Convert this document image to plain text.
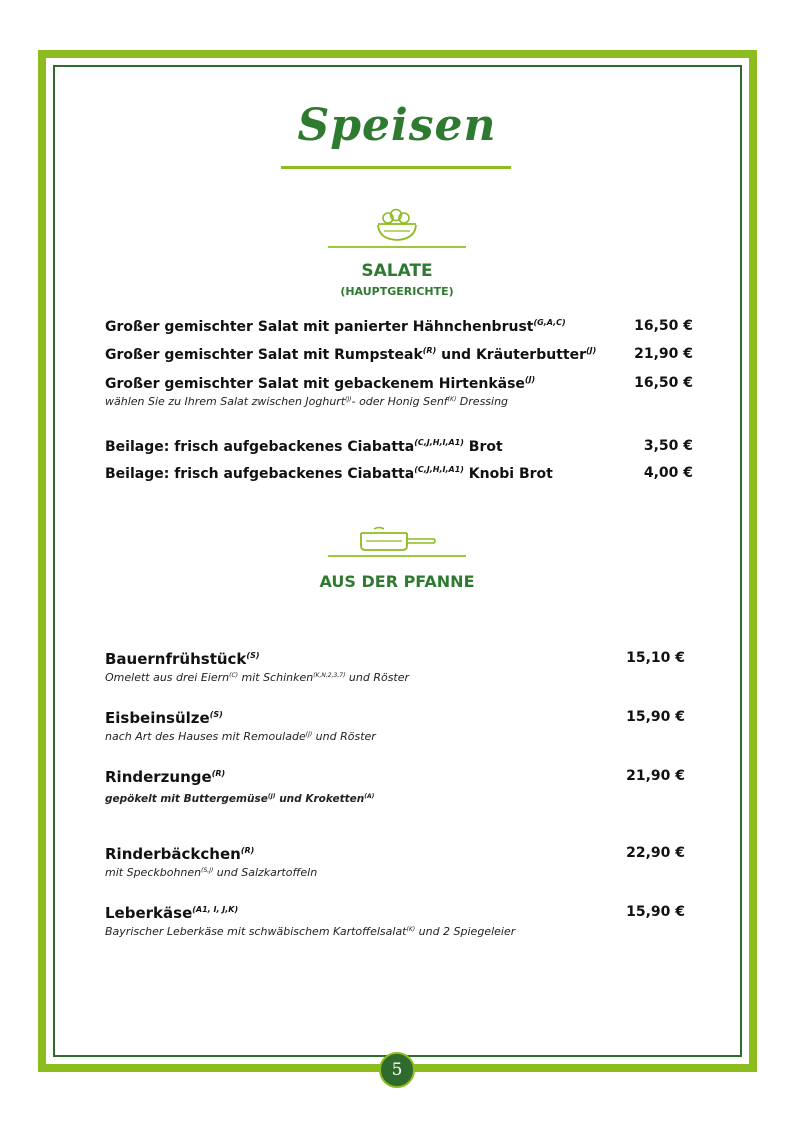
Speisen
SALATE
(HAUPTGERICHTE)
Großer gemischter Salat mit panierter Hähnchenbrust$^{(G,A,C)}$	16,50 €
Großer gemischter Salat mit Rumpsteak$^{(R)}$ und Kräuterbutter$^{(J)}$	21,90 €
Großer gemischter Salat mit gebackenem Hirtenkäse$^{(J)}$	16,50 €
wählen Sie zu Ihrem Salat zwischen Joghurt$^{(J)}$- oder Honig Senf$^{(K)}$ Dressing
Beilage: frisch aufgebackenes Ciabatta$^{(C,J,H,I,A1)}$ Brot	3,50 €
Beilage: frisch aufgebackenes Ciabatta$^{(C,J,H,I,A1)}$ Knobi Brot	4,00 €
AUS DER PFANNE
Bauernfrühstück$^{(S)}$	15,10 €
Omelett aus drei Eiern$^{(C)}$ mit Schinken$^{(K,N,2,3,7)}$ und Röster
Eisbeinsülze$^{(S)}$	15,90 €
nach Art des Hauses mit Remoulade$^{(J)}$ und Röster
Rinderzunge$^{(R)}$	21,90 €
gepökelt mit Buttergemüse$^{(J)}$ und Kroketten$^{(A)}$
Rinderbäckchen$^{(R)}$	22,90 €
mit Speckbohnen$^{(S,J)}$ und Salzkartoffeln
Leberkäse$^{(A1, I, J,K)}$	15,90 €
Bayrischer Leberkäse mit schwäbischem Kartoffelsalat$^{(K)}$ und 2 Spiegeleier
5
